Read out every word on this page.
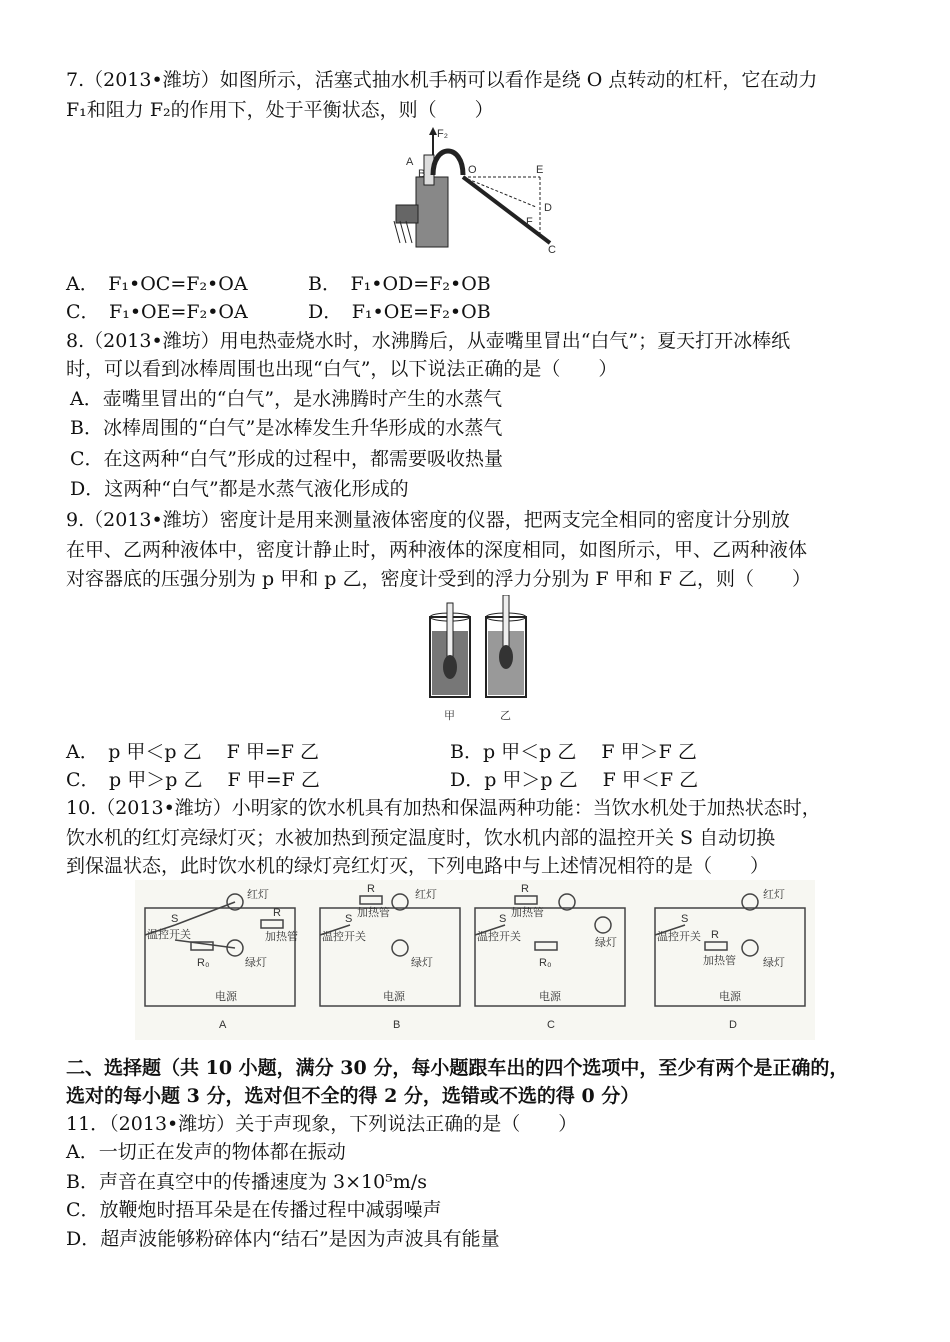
7.（2013•潍坊）如图所示，活塞式抽水机手柄可以看作是绕 O 点转动的杠杆，它在动力
F₁和阻力 F₂的作用下，处于平衡状态，则（　　）
F₂
A
B	O	E
D
F
C
A．　F₁•OC=F₂•OA	B．　F₁•OD=F₂•OB
C．　F₁•OE=F₂•OA	D．　F₁•OE=F₂•OB
8.（2013•潍坊）用电热壶烧水时，水沸腾后，从壶嘴里冒出“白气”；夏天打开冰棒纸
时，可以看到冰棒周围也出现“白气”，以下说法正确的是（　　）
A．壶嘴里冒出的“白气”，是水沸腾时产生的水蒸气
B．冰棒周围的“白气”是冰棒发生升华形成的水蒸气
C．在这两种“白气”形成的过程中，都需要吸收热量
D．这两种“白气”都是水蒸气液化形成的
9.（2013•潍坊）密度计是用来测量液体密度的仪器，把两支完全相同的密度计分别放
在甲、乙两种液体中，密度计静止时，两种液体的深度相同，如图所示，甲、乙两种液体
对容器底的压强分别为 p 甲和 p 乙，密度计受到的浮力分别为 F 甲和 F 乙，则（　　）
甲	乙
A．　p 甲＜p 乙　 F 甲=F 乙	B．p 甲＜p 乙　 F 甲＞F 乙
C．　p 甲＞p 乙　 F 甲=F 乙	D．p 甲＞p 乙　 F 甲＜F 乙
10.（2013•潍坊）小明家的饮水机具有加热和保温两种功能：当饮水机处于加热状态时，
饮水机的红灯亮绿灯灭；水被加热到预定温度时，饮水机内部的温控开关 S 自动切换
到保温状态，此时饮水机的绿灯亮红灯灭，下列电路中与上述情况相符的是（　　）
S
温控开关
R
红灯
加热管
R₀	绿灯
电源
A
R
S 加热管
红灯
温控开关
绿灯
电源
B
R
S 加热管
温控开关
R₀
绿灯
电源
C
S
红灯
温控开关 R
加热管 绿灯
电源
D
二、选择题（共 10 小题，满分 30 分，每小题跟车出的四个选项中，至少有两个是正确的，
选对的每小题 3 分，选对但不全的得 2 分，选错或不选的得 0 分）
11．（2013•潍坊）关于声现象，下列说法正确的是（　　）
A．一切正在发声的物体都在振动
B．声音在真空中的传播速度为 3×10⁵m/s
C．放鞭炮时捂耳朵是在传播过程中减弱噪声
D．超声波能够粉碎体内“结石”是因为声波具有能量
